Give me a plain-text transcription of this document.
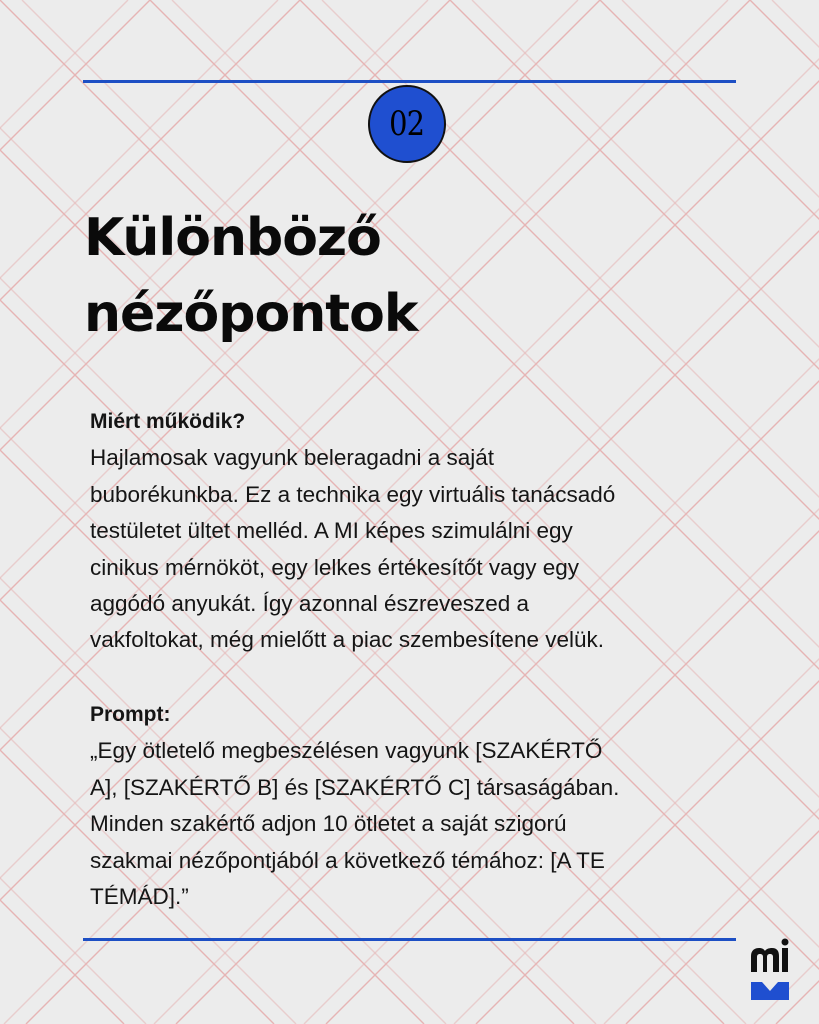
02
Különböző
nézőpontok
Miért működik?
Hajlamosak vagyunk beleragadni a saját
buborékunkba. Ez a technika egy virtuális tanácsadó
testületet ültet melléd. A MI képes szimulálni egy
cinikus mérnököt, egy lelkes értékesítőt vagy egy
aggódó anyukát. Így azonnal észreveszed a
vakfoltokat, még mielőtt a piac szembesítene velük.
Prompt:
„Egy ötletelő megbeszélésen vagyunk [SZAKÉRTŐ
A], [SZAKÉRTŐ B] és [SZAKÉRTŐ C] társaságában.
Minden szakértő adjon 10 ötletet a saját szigorú
szakmai nézőpontjából a következő témához: [A TE
TÉMÁD].”
